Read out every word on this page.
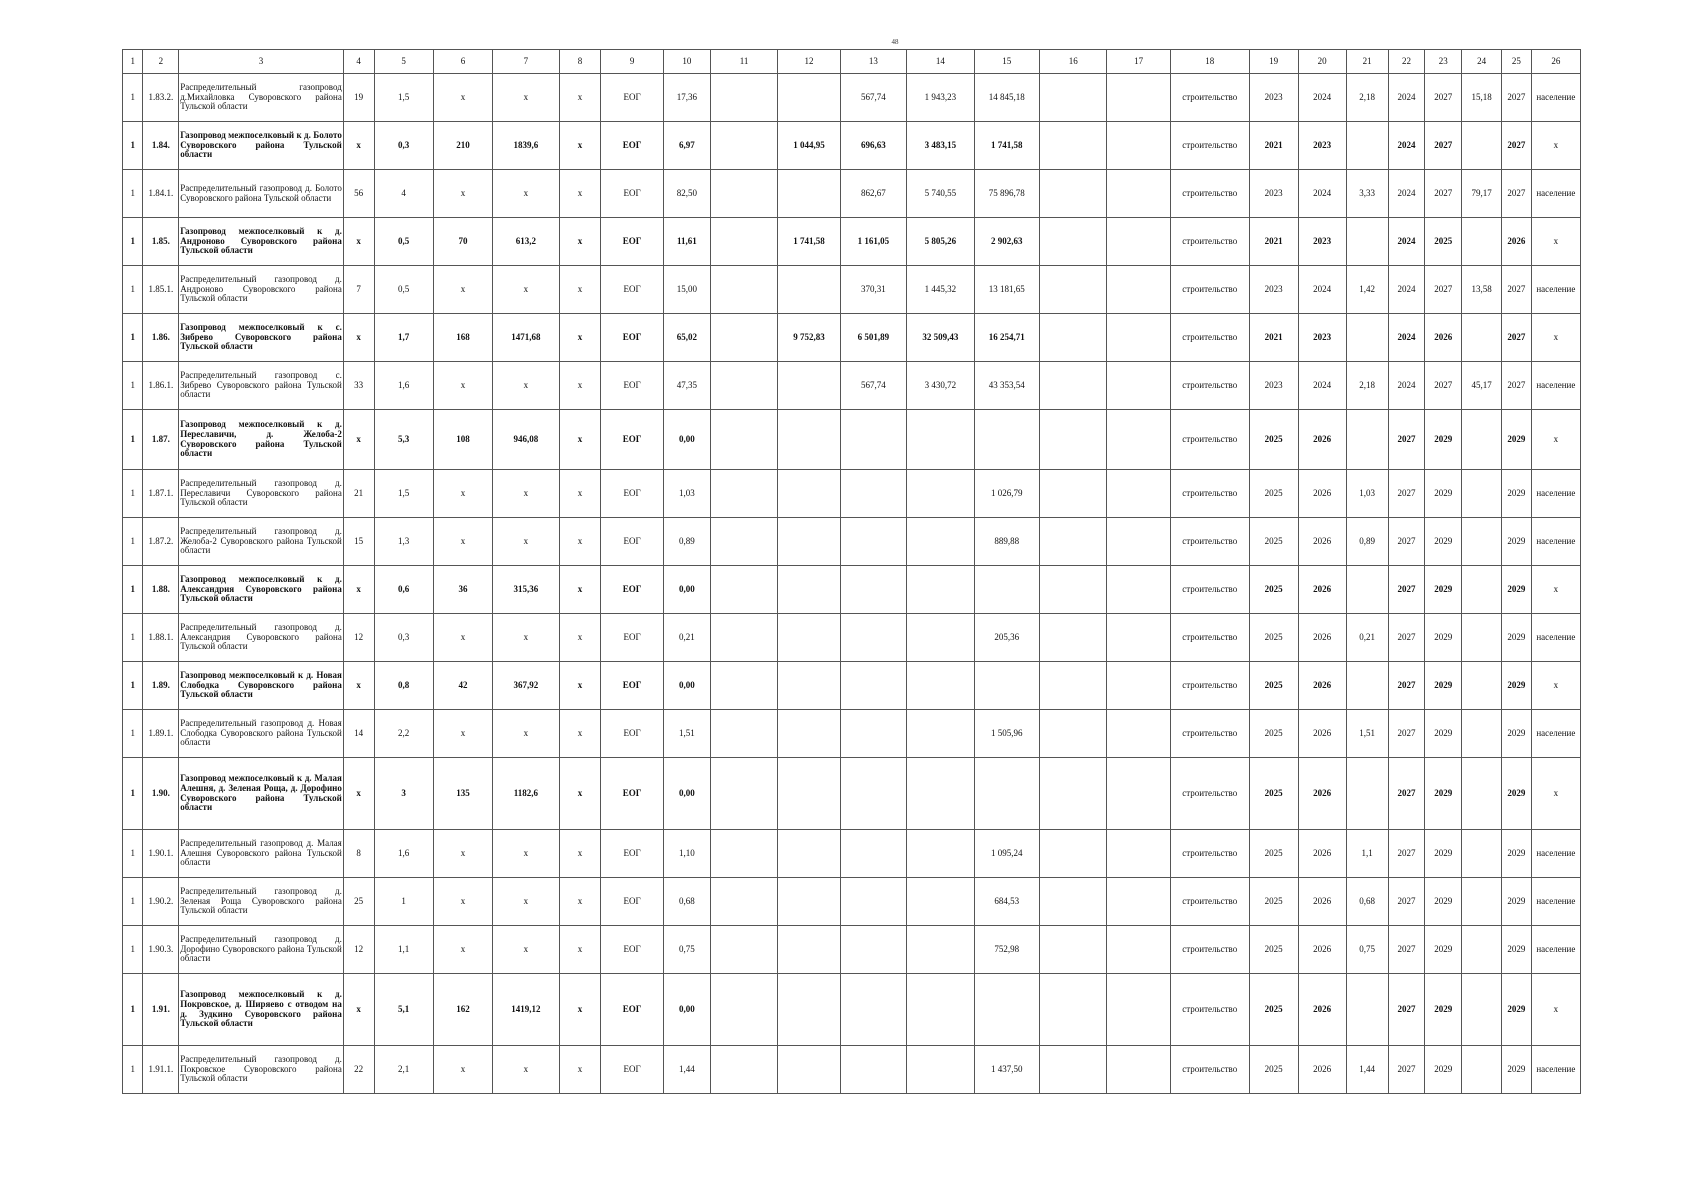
48
1	2	3	4	5	6	7	8	9	10	11	12	13	14	15	16	17	18	19	20	21	22	23	24	25	26
1	1.83.2.	Распределительный газопровод д.Михайловка Суворовского района Тульской области	19	1,5	х	х	х	ЕОГ	17,36			567,74	1 943,23	14 845,18			строительство	2023	2024	2,18	2024	2027	15,18	2027	население
1	1.84.	Газопровод межпоселковый к д. Болото Суворовского района Тульской области	х	0,3	210	1839,6	х	ЕОГ	6,97		1 044,95	696,63	3 483,15	1 741,58			строительство	2021	2023		2024	2027		2027	х
1	1.84.1.	Распределительный газопровод д. Болото Суворовского района Тульской области	56	4	х	х	х	ЕОГ	82,50			862,67	5 740,55	75 896,78			строительство	2023	2024	3,33	2024	2027	79,17	2027	население
1	1.85.	Газопровод межпоселковый к д. Андроново Суворовского района Тульской области	х	0,5	70	613,2	х	ЕОГ	11,61		1 741,58	1 161,05	5 805,26	2 902,63			строительство	2021	2023		2024	2025		2026	х
1	1.85.1.	Распределительный газопровод д. Андроново Суворовского района Тульской области	7	0,5	х	х	х	ЕОГ	15,00			370,31	1 445,32	13 181,65			строительство	2023	2024	1,42	2024	2027	13,58	2027	население
1	1.86.	Газопровод межпоселковый к с. Зибрево Суворовского района Тульской области	х	1,7	168	1471,68	х	ЕОГ	65,02		9 752,83	6 501,89	32 509,43	16 254,71			строительство	2021	2023		2024	2026		2027	х
1	1.86.1.	Распределительный газопровод с. Зибрево Суворовского района Тульской области	33	1,6	х	х	х	ЕОГ	47,35			567,74	3 430,72	43 353,54			строительство	2023	2024	2,18	2024	2027	45,17	2027	население
1	1.87.	Газопровод межпоселковый к д. Переславичи, д. Желоба-2 Суворовского района Тульской области	х	5,3	108	946,08	х	ЕОГ	0,00								строительство	2025	2026		2027	2029		2029	х
1	1.87.1.	Распределительный газопровод д. Переславичи Суворовского района Тульской области	21	1,5	х	х	х	ЕОГ	1,03					1 026,79			строительство	2025	2026	1,03	2027	2029		2029	население
1	1.87.2.	Распределительный газопровод д. Желоба-2 Суворовского района Тульской области	15	1,3	х	х	х	ЕОГ	0,89					889,88			строительство	2025	2026	0,89	2027	2029		2029	население
1	1.88.	Газопровод межпоселковый к д. Александрия Суворовского района Тульской области	х	0,6	36	315,36	х	ЕОГ	0,00								строительство	2025	2026		2027	2029		2029	х
1	1.88.1.	Распределительный газопровод д. Александрия Суворовского района Тульской области	12	0,3	х	х	х	ЕОГ	0,21					205,36			строительство	2025	2026	0,21	2027	2029		2029	население
1	1.89.	Газопровод межпоселковый к д. Новая Слободка Суворовского района Тульской области	х	0,8	42	367,92	х	ЕОГ	0,00								строительство	2025	2026		2027	2029		2029	х
1	1.89.1.	Распределительный газопровод д. Новая Слободка Суворовского района Тульской области	14	2,2	х	х	х	ЕОГ	1,51					1 505,96			строительство	2025	2026	1,51	2027	2029		2029	население
1	1.90.	Газопровод межпоселковый к д. Малая Алешня, д. Зеленая Роща, д. Дорофино Суворовского района Тульской области	х	3	135	1182,6	х	ЕОГ	0,00								строительство	2025	2026		2027	2029		2029	х
1	1.90.1.	Распределительный газопровод д. Малая Алешня Суворовского района Тульской области	8	1,6	х	х	х	ЕОГ	1,10					1 095,24			строительство	2025	2026	1,1	2027	2029		2029	население
1	1.90.2.	Распределительный газопровод д. Зеленая Роща Суворовского района Тульской области	25	1	х	х	х	ЕОГ	0,68					684,53			строительство	2025	2026	0,68	2027	2029		2029	население
1	1.90.3.	Распределительный газопровод д. Дорофино Суворовского района Тульской области	12	1,1	х	х	х	ЕОГ	0,75					752,98			строительство	2025	2026	0,75	2027	2029		2029	население
1	1.91.	Газопровод межпоселковый к д. Покровское, д. Ширяево с отводом на д. Зудкино Суворовского района Тульской области	х	5,1	162	1419,12	х	ЕОГ	0,00								строительство	2025	2026		2027	2029		2029	х
1	1.91.1.	Распределительный газопровод д. Покровское Суворовского района Тульской области	22	2,1	х	х	х	ЕОГ	1,44					1 437,50			строительство	2025	2026	1,44	2027	2029		2029	население
